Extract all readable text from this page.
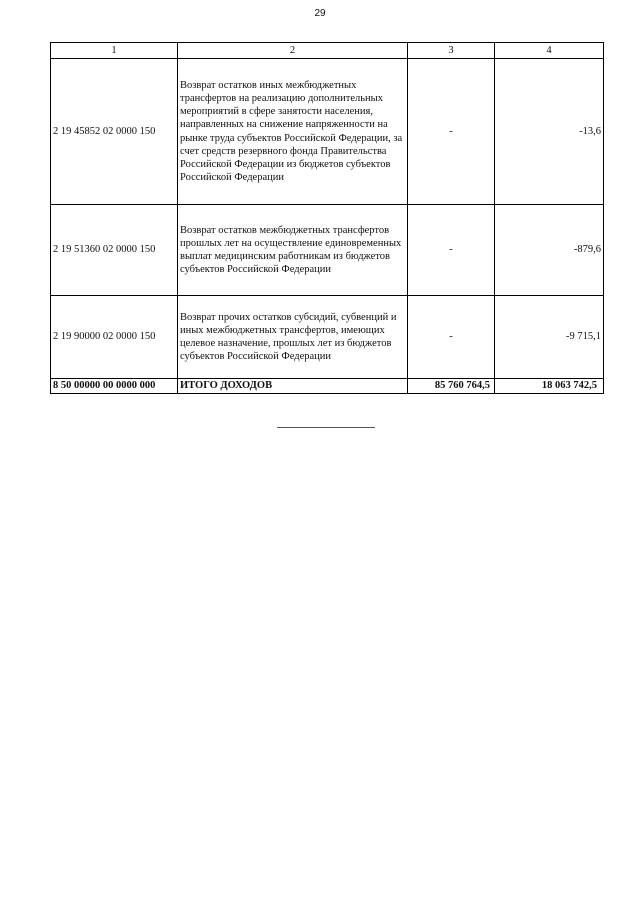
29
1	2	3	4
2 19 45852 02 0000 150	Возврат остатков иных межбюджетных трансфертов на реализацию дополнительных мероприятий в сфере занятости населения, направленных на снижение напряженности на рынке труда субъектов Российской Федерации, за счет средств резервного фонда Правительства Российской Федерации из бюджетов субъектов Российской Федерации	-	-13,6
2 19 51360 02 0000 150	Возврат остатков межбюджетных трансфертов прошлых лет на осуществление единовременных выплат медицинским работникам из бюджетов субъектов Российской Федерации	-	-879,6
2 19 90000 02 0000 150	Возврат прочих остатков субсидий, субвенций и иных межбюджетных трансфертов, имеющих целевое назначение, прошлых лет из бюджетов субъектов Российской Федерации	-	-9 715,1
8 50 00000 00 0000 000	ИТОГО ДОХОДОВ	85 760 764,5	18 063 742,5
